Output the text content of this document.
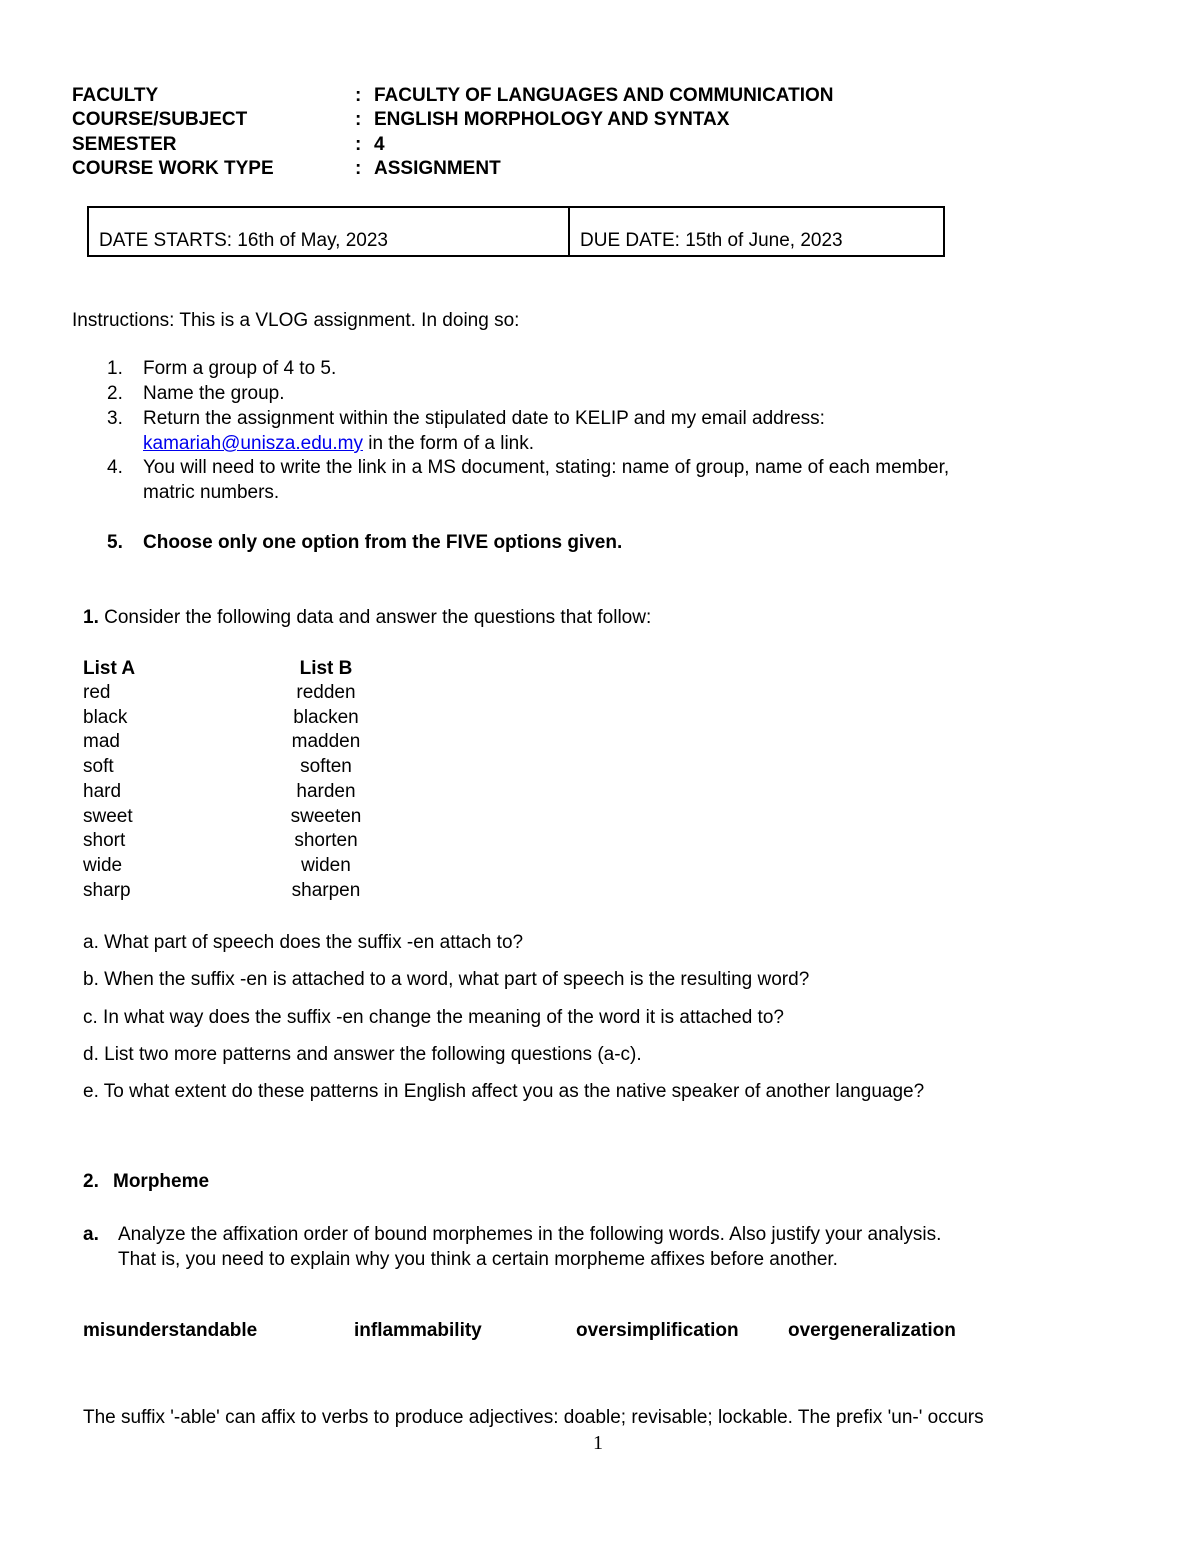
FACULTY	: FACULTY OF LANGUAGES AND COMMUNICATION
COURSE/SUBJECT	: ENGLISH MORPHOLOGY AND SYNTAX
SEMESTER	: 4
COURSE WORK TYPE	: ASSIGNMENT
DATE STARTS: 16th of May, 2023	DUE DATE: 15th of June, 2023
Instructions: This is a VLOG assignment. In doing so:
1. Form a group of 4 to 5.
2. Name the group.
3. Return the assignment within the stipulated date to KELIP and my email address:
kamariah@unisza.edu.my in the form of a link.
4. You will need to write the link in a MS document, stating: name of group, name of each member,
matric numbers.
5. Choose only one option from the FIVE options given.
1. Consider the following data and answer the questions that follow:
List A	List B
red	redden
black	blacken
mad	madden
soft	soften
hard	harden
sweet	sweeten
short	shorten
wide	widen
sharp	sharpen
a. What part of speech does the suffix -en attach to?
b. When the suffix -en is attached to a word, what part of speech is the resulting word?
c. In what way does the suffix -en change the meaning of the word it is attached to?
d. List two more patterns and answer the following questions (a-c).
e. To what extent do these patterns in English affect you as the native speaker of another language?
2. Morpheme
a. Analyze the affixation order of bound morphemes in the following words. Also justify your analysis.
That is, you need to explain why you think a certain morpheme affixes before another.
misunderstandable	inflammability	oversimplification	overgeneralization
The suffix '-able' can affix to verbs to produce adjectives: doable; revisable; lockable. The prefix 'un-' occurs
1
